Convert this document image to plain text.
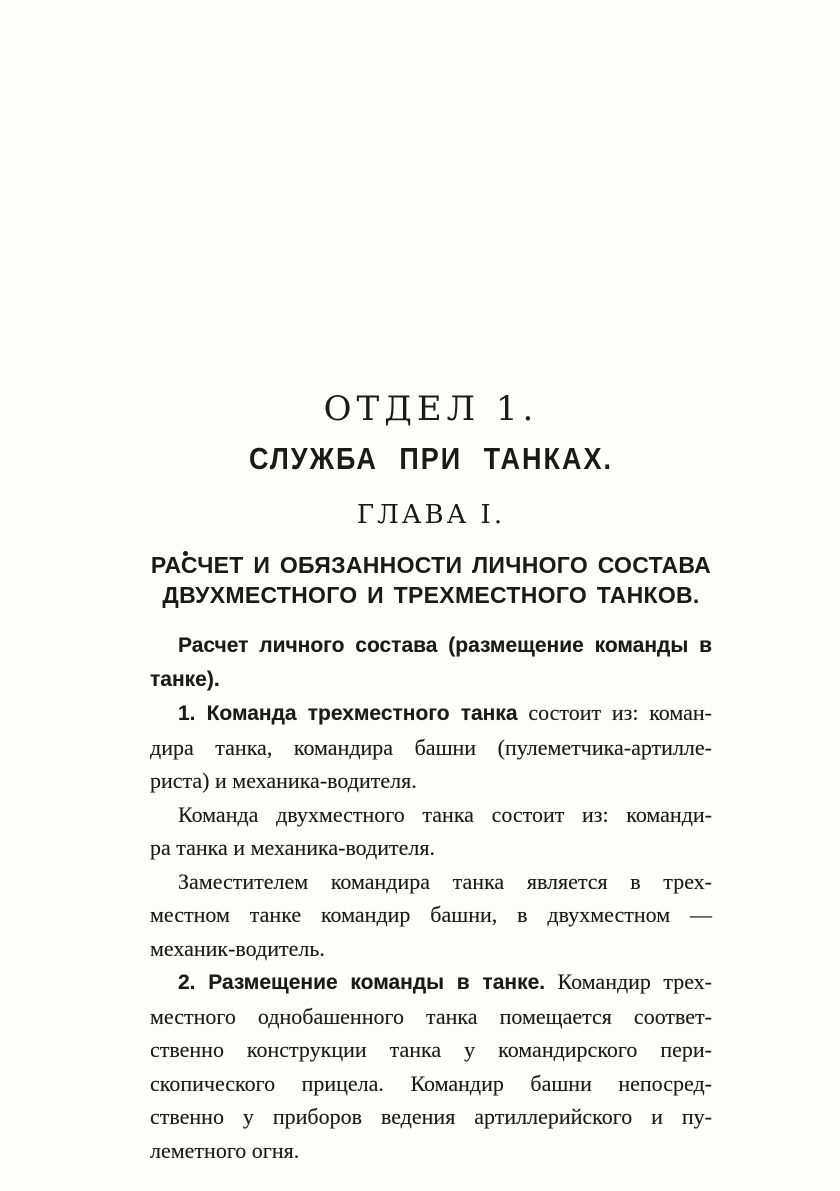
ОТДЕЛ 1.
СЛУЖБА ПРИ ТАНКАХ.
ГЛАВА I.
РАСЧЕТ И ОБЯЗАННОСТИ ЛИЧНОГО СОСТАВА
ДВУХМЕСТНОГО И ТРЕХМЕСТНОГО ТАНКОВ.
Расчет личного состава (размещение команды в
танке).
1. Команда трехместного танка состоит из: коман-
дира танка, командира башни (пулеметчика-артилле-
риста) и механика-водителя.
Команда двухместного танка состоит из: команди-
ра танка и механика-водителя.
Заместителем командира танка является в трех-
местном танке командир башни, в двухместном —
механик-водитель.
2. Размещение команды в танке. Командир трех-
местного однобашенного танка помещается соответ-
ственно конструкции танка у командирского пери-
скопического прицела. Командир башни непосред-
ственно у приборов ведения артиллерийского и пу-
леметного огня.
